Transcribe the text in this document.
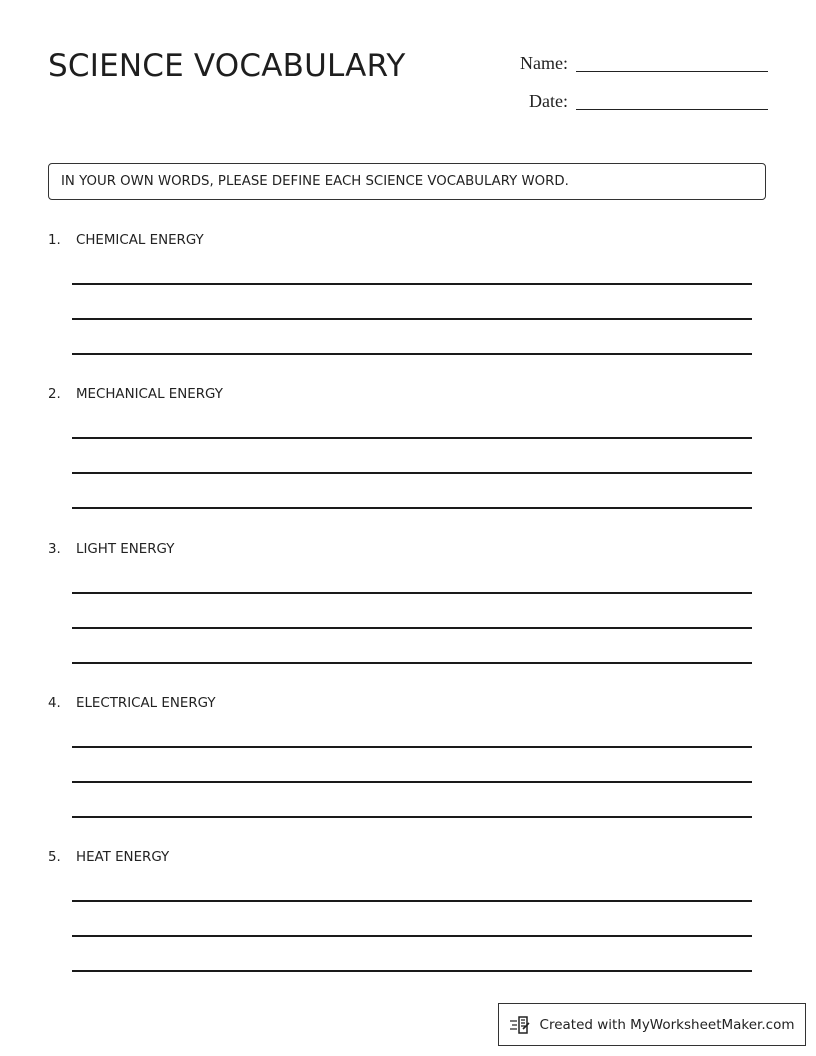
SCIENCE VOCABULARY	Name:
Date:
IN YOUR OWN WORDS, PLEASE DEFINE EACH SCIENCE VOCABULARY WORD.
1.	CHEMICAL ENERGY
2.	MECHANICAL ENERGY
3.	LIGHT ENERGY
4.	ELECTRICAL ENERGY
5.	HEAT ENERGY
Created with MyWorksheetMaker.com
